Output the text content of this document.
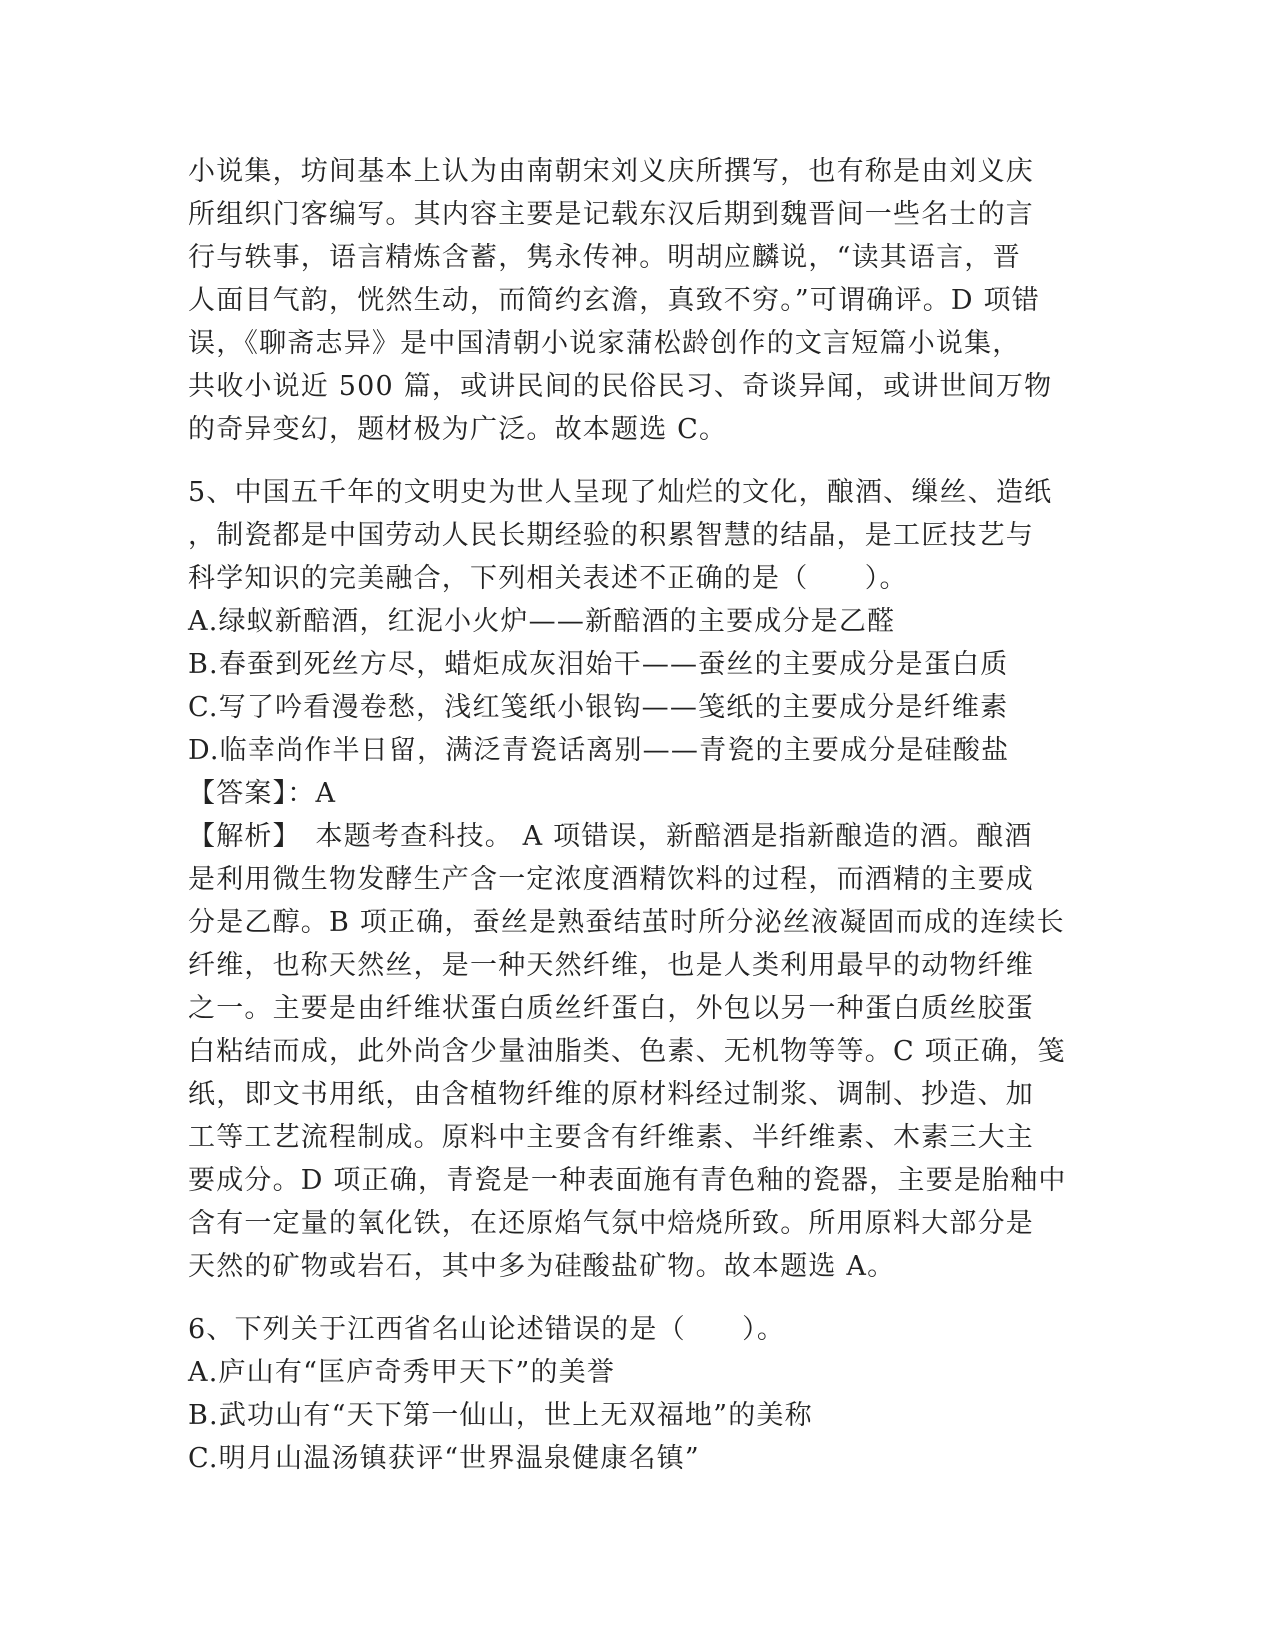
小说集，坊间基本上认为由南朝宋刘义庆所撰写，也有称是由刘义庆
所组织门客编写。其内容主要是记载东汉后期到魏晋间一些名士的言
行与轶事，语言精炼含蓄，隽永传神。明胡应麟说，“读其语言，晋
人面目气韵，恍然生动，而简约玄澹，真致不穷。”可谓确评。D 项错
误，《聊斋志异》是中国清朝小说家蒲松龄创作的文言短篇小说集，
共收小说近 500 篇，或讲民间的民俗民习、奇谈异闻，或讲世间万物
的奇异变幻，题材极为广泛。故本题选 C。
5、中国五千年的文明史为世人呈现了灿烂的文化，酿酒、缫丝、造纸
，制瓷都是中国劳动人民长期经验的积累智慧的结晶，是工匠技艺与
科学知识的完美融合，下列相关表述不正确的是（　　）。
A.绿蚁新醅酒，红泥小火炉——新醅酒的主要成分是乙醛
B.春蚕到死丝方尽，蜡炬成灰泪始干——蚕丝的主要成分是蛋白质
C.写了吟看漫卷愁，浅红笺纸小银钩——笺纸的主要成分是纤维素
D.临幸尚作半日留，满泛青瓷话离别——青瓷的主要成分是硅酸盐
【答案】：A
【解析】　本题考查科技。 A 项错误，新醅酒是指新酿造的酒。酿酒
是利用微生物发酵生产含一定浓度酒精饮料的过程，而酒精的主要成
分是乙醇。B 项正确，蚕丝是熟蚕结茧时所分泌丝液凝固而成的连续长
纤维，也称天然丝，是一种天然纤维，也是人类利用最早的动物纤维
之一。主要是由纤维状蛋白质丝纤蛋白，外包以另一种蛋白质丝胶蛋
白粘结而成，此外尚含少量油脂类、色素、无机物等等。C 项正确，笺
纸，即文书用纸，由含植物纤维的原材料经过制浆、调制、抄造、加
工等工艺流程制成。原料中主要含有纤维素、半纤维素、木素三大主
要成分。D 项正确，青瓷是一种表面施有青色釉的瓷器，主要是胎釉中
含有一定量的氧化铁，在还原焰气氛中焙烧所致。所用原料大部分是
天然的矿物或岩石，其中多为硅酸盐矿物。故本题选 A。
6、下列关于江西省名山论述错误的是（　　）。
A.庐山有“匡庐奇秀甲天下”的美誉
B.武功山有“天下第一仙山，世上无双福地”的美称
C.明月山温汤镇获评“世界温泉健康名镇”
